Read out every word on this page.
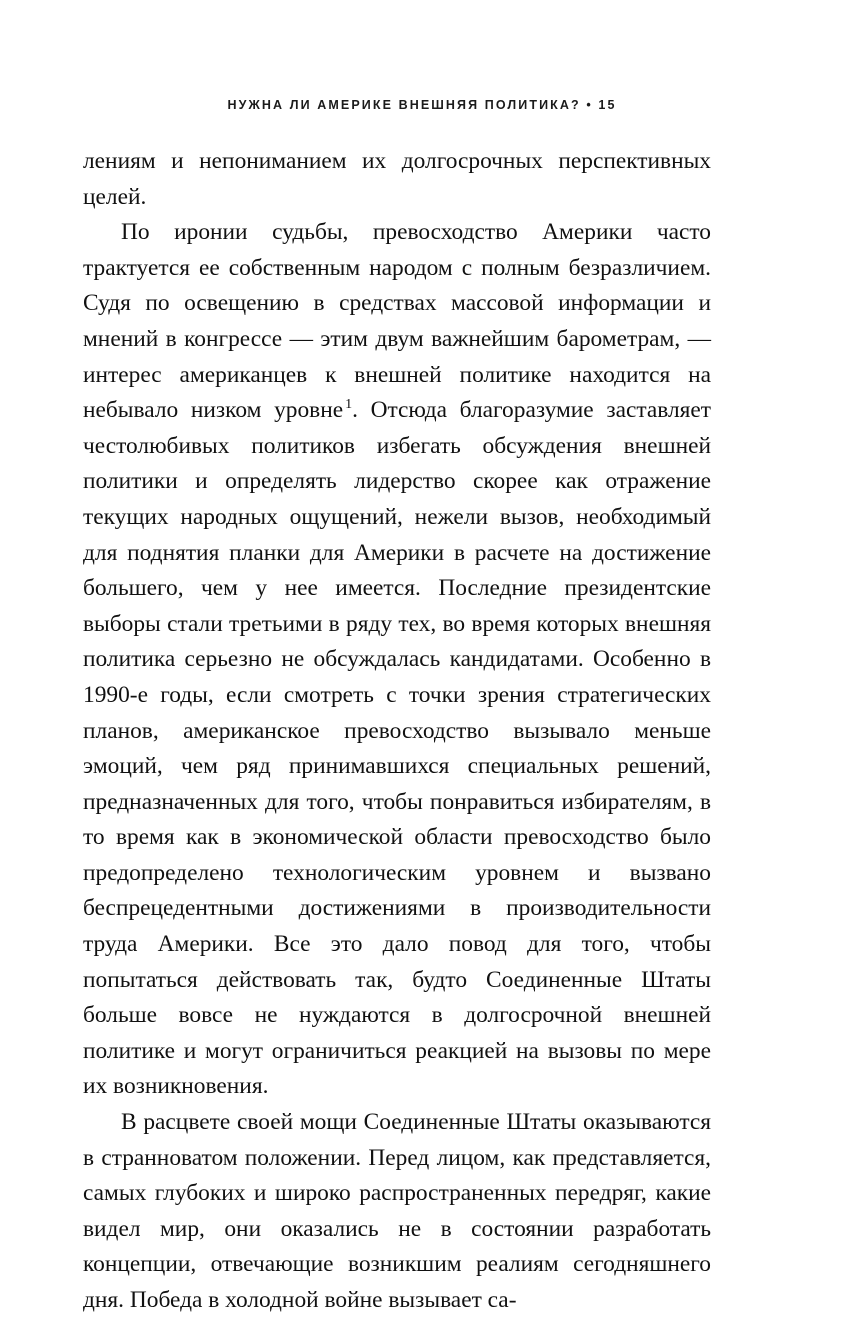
НУЖНА ЛИ АМЕРИКЕ ВНЕШНЯЯ ПОЛИТИКА? • 15

лениям и непониманием их долгосрочных перспективных целей.

По иронии судьбы, превосходство Америки часто трактуется ее собственным народом с полным безразличием. Судя по освещению в средствах массовой информации и мнений в конгрессе — этим двум важнейшим барометрам, — интерес американцев к внешней политике находится на небывало низком уровне $^1$. Отсюда благоразумие заставляет честолюбивых политиков избегать обсуждения внешней политики и определять лидерство скорее как отражение текущих народных ощущений, нежели вызов, необходимый для поднятия планки для Америки в расчете на достижение большего, чем у нее имеется. Последние президентские выборы стали третьими в ряду тех, во время которых внешняя политика серьезно не обсуждалась кандидатами. Особенно в 1990-е годы, если смотреть с точки зрения стратегических планов, американское превосходство вызывало меньше эмоций, чем ряд принимавшихся специальных решений, предназначенных для того, чтобы понравиться избирателям, в то время как в экономической области превосходство было предопределено технологическим уровнем и вызвано беспрецедентными достижениями в производительности труда Америки. Все это дало повод для того, чтобы попытаться действовать так, будто Соединенные Штаты больше вовсе не нуждаются в долгосрочной внешней политике и могут ограничиться реакцией на вызовы по мере их возникновения.

В расцвете своей мощи Соединенные Штаты оказываются в странноватом положении. Перед лицом, как представляется, самых глубоких и широко распространенных передряг, какие видел мир, они оказались не в состоянии разработать концепции, отвечающие возникшим реалиям сегодняшнего дня. Победа в холодной войне вызывает са-
